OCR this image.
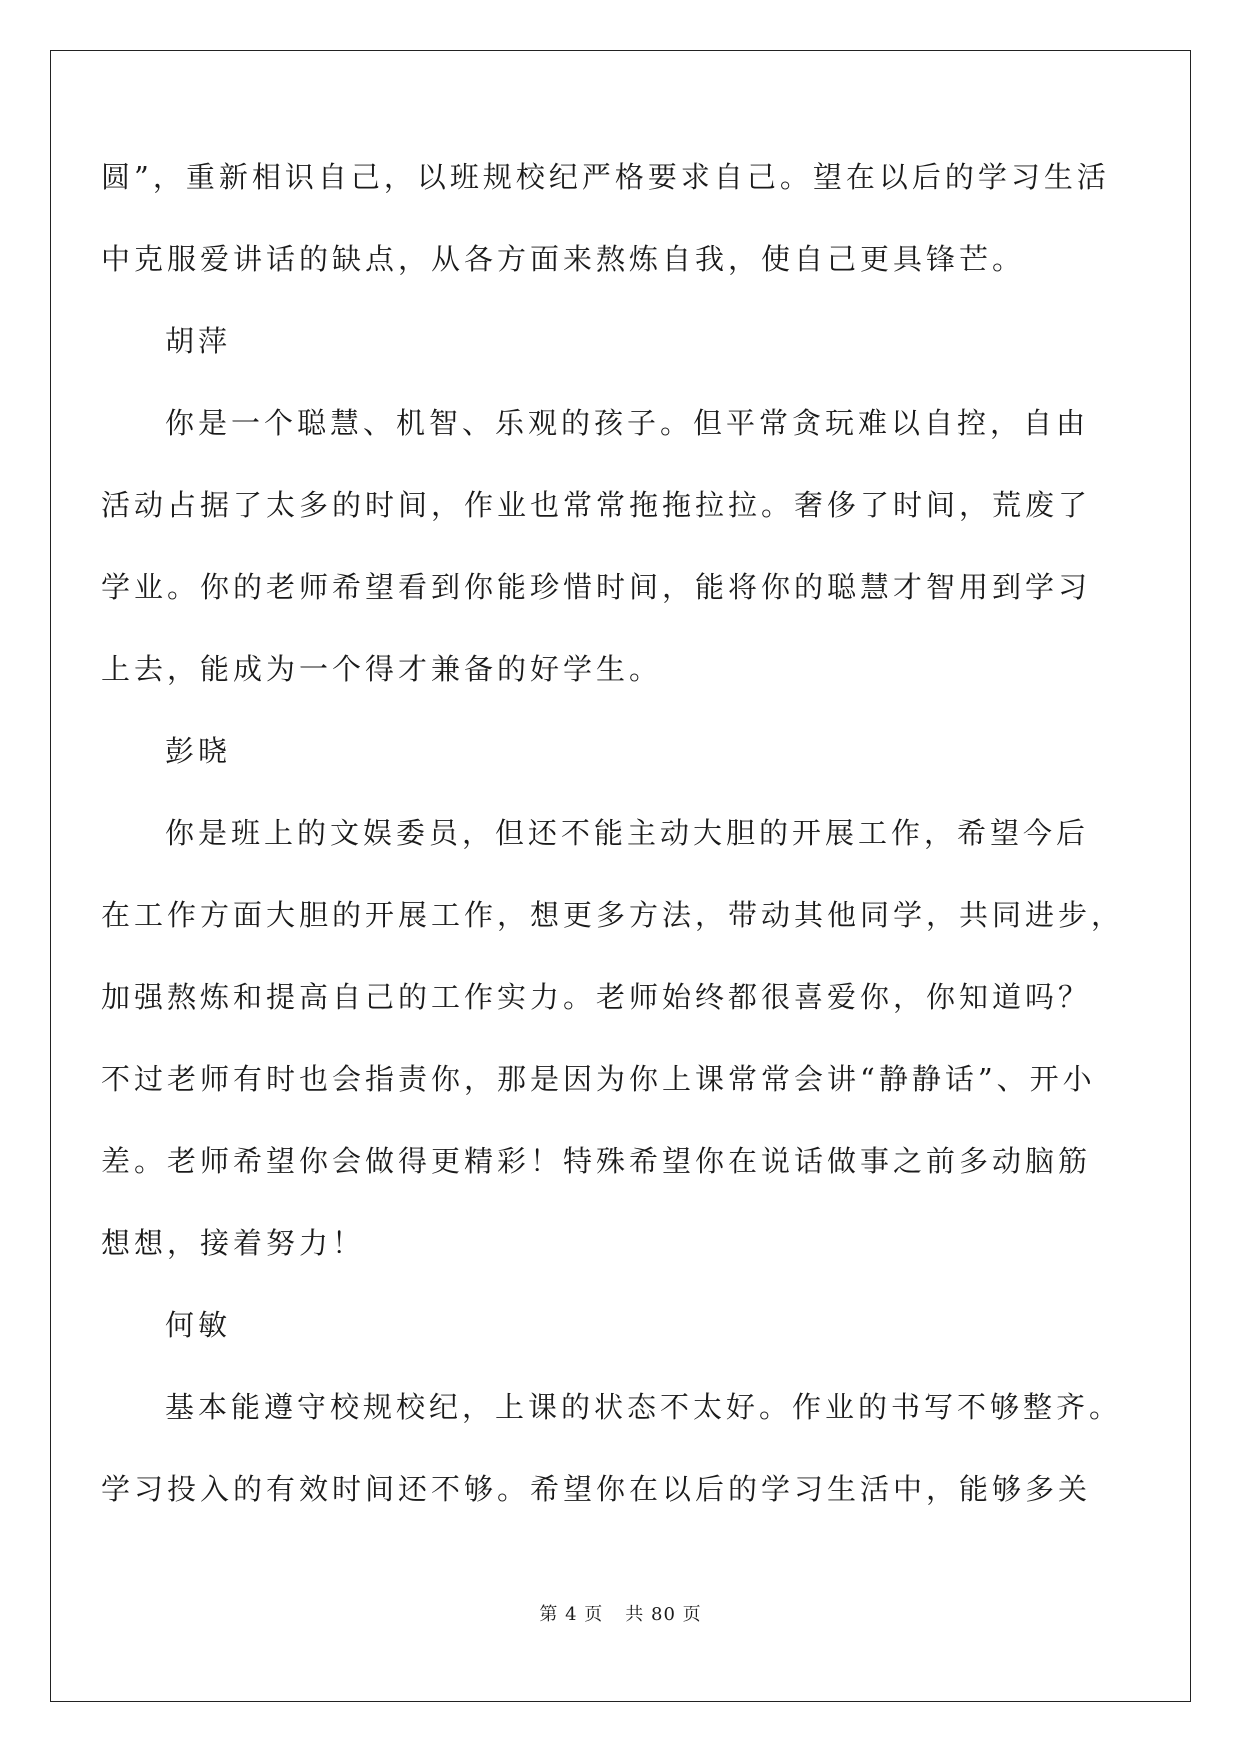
圆”，重新相识自己，以班规校纪严格要求自己。望在以后的学习生活
中克服爱讲话的缺点，从各方面来熬炼自我，使自己更具锋芒。
胡萍
你是一个聪慧、机智、乐观的孩子。但平常贪玩难以自控，自由
活动占据了太多的时间，作业也常常拖拖拉拉。奢侈了时间，荒废了
学业。你的老师希望看到你能珍惜时间，能将你的聪慧才智用到学习
上去，能成为一个得才兼备的好学生。
彭晓
你是班上的文娱委员，但还不能主动大胆的开展工作，希望今后
在工作方面大胆的开展工作，想更多方法，带动其他同学，共同进步，
加强熬炼和提高自己的工作实力。老师始终都很喜爱你，你知道吗？
不过老师有时也会指责你，那是因为你上课常常会讲“静静话”、开小
差。老师希望你会做得更精彩！特殊希望你在说话做事之前多动脑筋
想想，接着努力！
何敏
基本能遵守校规校纪，上课的状态不太好。作业的书写不够整齐。
学习投入的有效时间还不够。希望你在以后的学习生活中，能够多关
第 4 页 共 80 页
